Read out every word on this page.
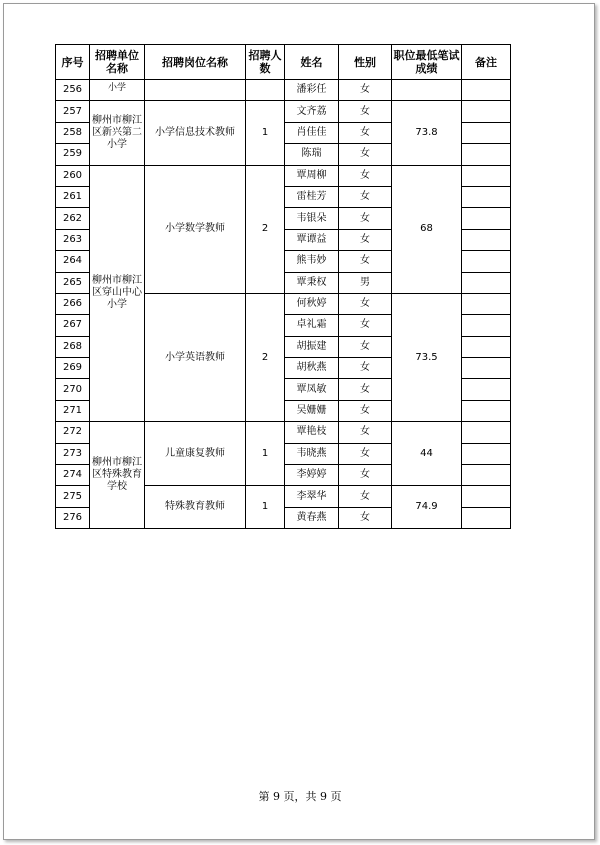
序号	招聘单位名称	招聘岗位名称	招聘人数	姓名	性别	职位最低笔试成绩	备注
256	小学			潘彩任	女		
257	柳州市柳江区新兴第二小学	小学信息技术教师	1	文齐荔	女	73.8	
258				肖佳佳	女		
259				陈瑞	女		
260	柳州市柳江区穿山中心小学	小学数学教师	2	覃周柳	女	68	
261				雷桂芳	女		
262				韦银朵	女		
263				覃谭益	女		
264				熊韦妙	女		
265				覃秉权	男		
266		小学英语教师	2	何秋婷	女	73.5	
267				卓礼霜	女		
268				胡振建	女		
269				胡秋燕	女		
270				覃凤敏	女		
271				吴姗姗	女		
272	柳州市柳江区特殊教育学校	儿童康复教师	1	覃艳枝	女	44	
273				韦晓燕	女		
274				李婷婷	女		
275		特殊教育教师	1	李翠华	女	74.9	
276				黄春燕	女		
第 9 页，共 9 页
